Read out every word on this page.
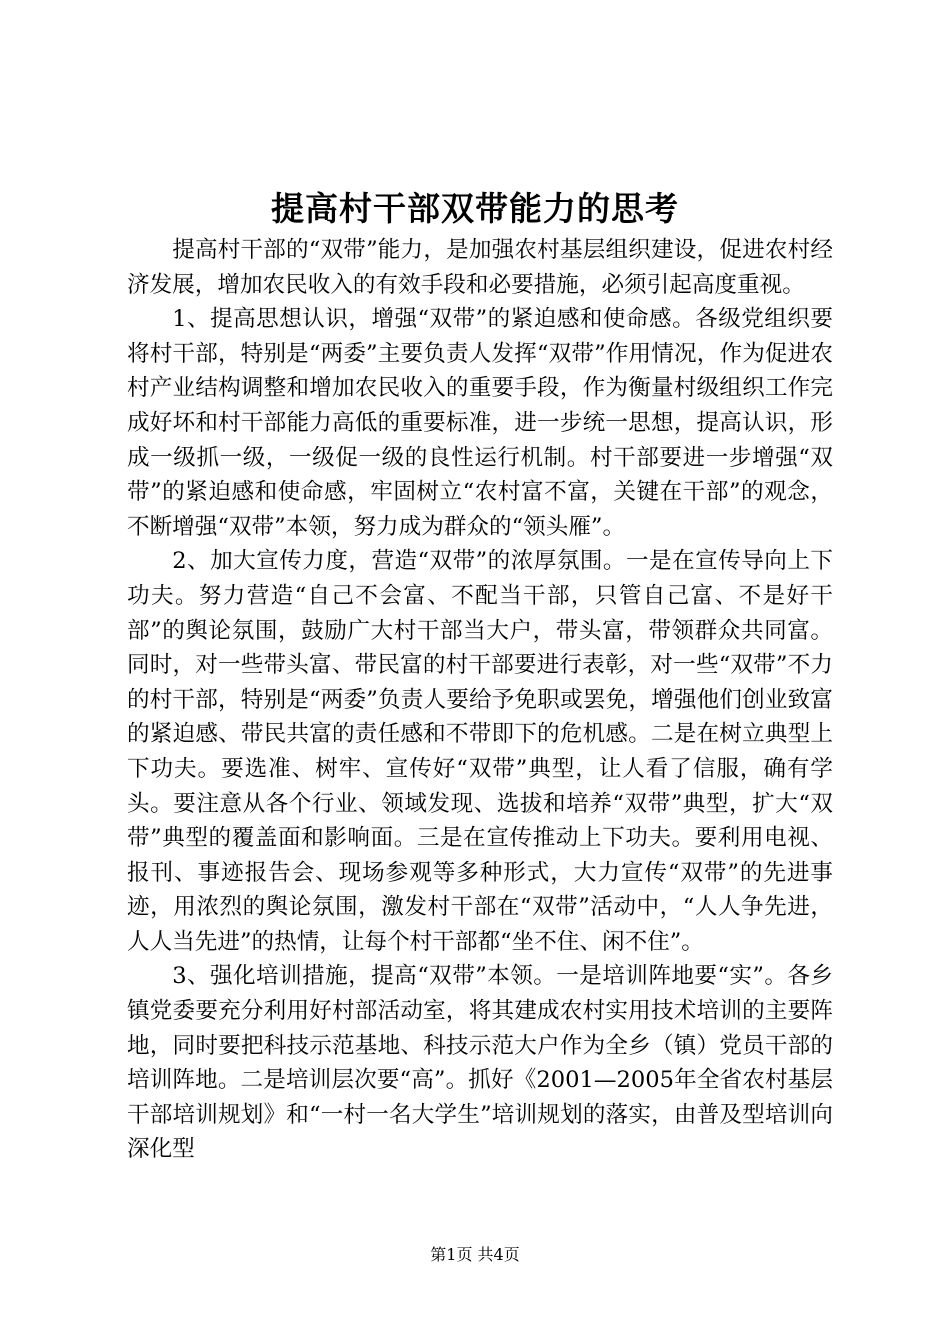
提高村干部双带能力的思考

提高村干部的“双带”能力，是加强农村基层组织建设，促进农村经济发展，增加农民收入的有效手段和必要措施，必须引起高度重视。

1、提高思想认识，增强“双带”的紧迫感和使命感。各级党组织要将村干部，特别是“两委”主要负责人发挥“双带”作用情况，作为促进农村产业结构调整和增加农民收入的重要手段，作为衡量村级组织工作完成好坏和村干部能力高低的重要标准，进一步统一思想，提高认识，形成一级抓一级，一级促一级的良性运行机制。村干部要进一步增强“双带”的紧迫感和使命感，牢固树立“农村富不富，关键在干部”的观念，不断增强“双带”本领，努力成为群众的“领头雁”。

2、加大宣传力度，营造“双带”的浓厚氛围。一是在宣传导向上下功夫。努力营造“自己不会富、不配当干部，只管自己富、不是好干部”的舆论氛围，鼓励广大村干部当大户，带头富，带领群众共同富。同时，对一些带头富、带民富的村干部要进行表彰，对一些“双带”不力的村干部，特别是“两委”负责人要给予免职或罢免，增强他们创业致富的紧迫感、带民共富的责任感和不带即下的危机感。二是在树立典型上下功夫。要选准、树牢、宣传好“双带”典型，让人看了信服，确有学头。要注意从各个行业、领域发现、选拔和培养“双带”典型，扩大“双带”典型的覆盖面和影响面。三是在宣传推动上下功夫。要利用电视、报刊、事迹报告会、现场参观等多种形式，大力宣传“双带”的先进事迹，用浓烈的舆论氛围，激发村干部在“双带”活动中，“人人争先进，人人当先进”的热情，让每个村干部都“坐不住、闲不住”。

3、强化培训措施，提高“双带”本领。一是培训阵地要“实”。各乡镇党委要充分利用好村部活动室，将其建成农村实用技术培训的主要阵地，同时要把科技示范基地、科技示范大户作为全乡（镇）党员干部的培训阵地。二是培训层次要“高”。抓好《2001—2005年全省农村基层干部培训规划》和“一村一名大学生”培训规划的落实，由普及型培训向深化型

第1页 共4页
